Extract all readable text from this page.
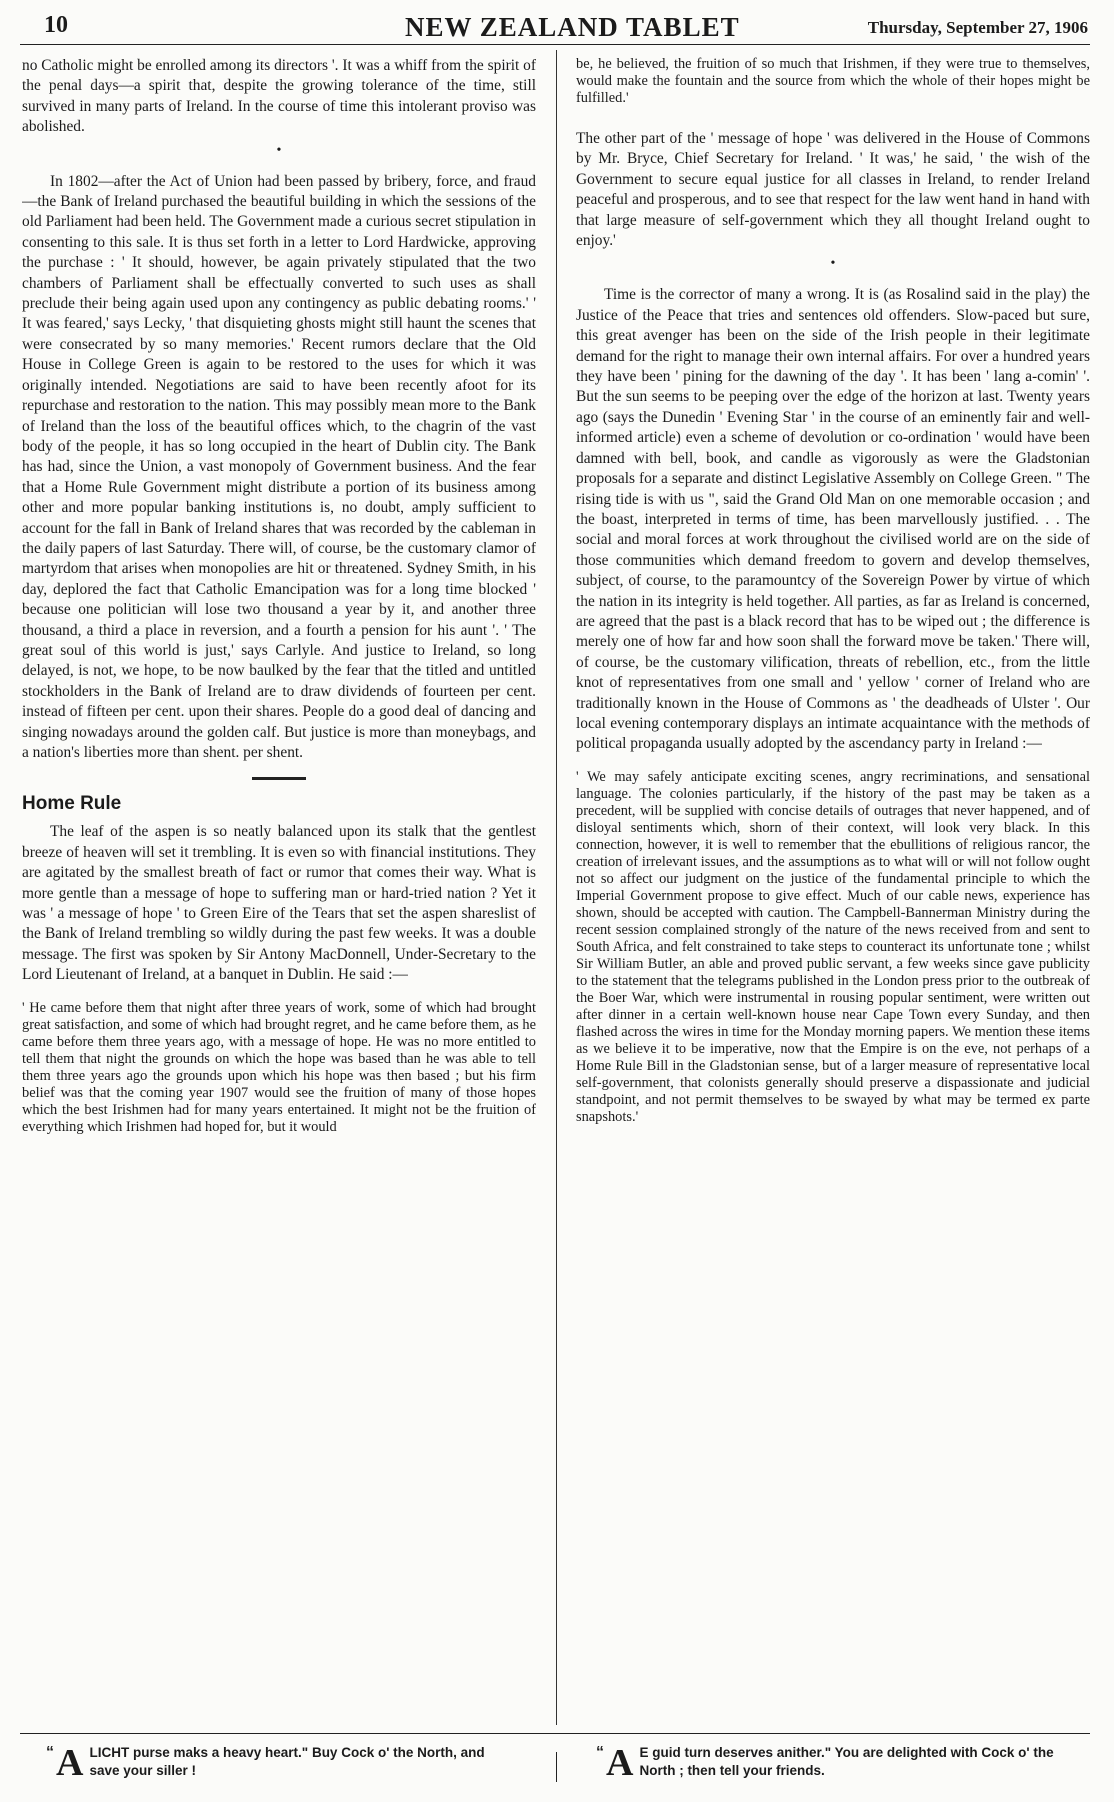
10	NEW ZEALAND TABLET	Thursday, September 27, 1906

no Catholic might be enrolled among its directors '. It was a whiff from the spirit of the penal days—a spirit that, despite the growing tolerance of the time, still survived in many parts of Ireland. In the course of time this intolerant proviso was abolished.

•

In 1802—after the Act of Union had been passed by bribery, force, and fraud—the Bank of Ireland purchased the beautiful building in which the sessions of the old Parliament had been held. The Government made a curious secret stipulation in consenting to this sale. It is thus set forth in a letter to Lord Hardwicke, approving the purchase : ' It should, however, be again privately stipulated that the two chambers of Parliament shall be effectually converted to such uses as shall preclude their being again used upon any contingency as public debating rooms.' ' It was feared,' says Lecky, ' that disquieting ghosts might still haunt the scenes that were consecrated by so many memories.' Recent rumors declare that the Old House in College Green is again to be restored to the uses for which it was originally intended. Negotiations are said to have been recently afoot for its repurchase and restoration to the nation. This may possibly mean more to the Bank of Ireland than the loss of the beautiful offices which, to the chagrin of the vast body of the people, it has so long occupied in the heart of Dublin city. The Bank has had, since the Union, a vast monopoly of Government business. And the fear that a Home Rule Government might distribute a portion of its business among other and more popular banking institutions is, no doubt, amply sufficient to account for the fall in Bank of Ireland shares that was recorded by the cableman in the daily papers of last Saturday. There will, of course, be the customary clamor of martyrdom that arises when monopolies are hit or threatened. Sydney Smith, in his day, deplored the fact that Catholic Emancipation was for a long time blocked ' because one politician will lose two thousand a year by it, and another three thousand, a third a place in reversion, and a fourth a pension for his aunt '. ' The great soul of this world is just,' says Carlyle. And justice to Ireland, so long delayed, is not, we hope, to be now baulked by the fear that the titled and untitled stockholders in the Bank of Ireland are to draw dividends of fourteen per cent. instead of fifteen per cent. upon their shares. People do a good deal of dancing and singing nowadays around the golden calf. But justice is more than moneybags, and a nation's liberties more than shent. per shent.

Home Rule

The leaf of the aspen is so neatly balanced upon its stalk that the gentlest breeze of heaven will set it trembling. It is even so with financial institutions. They are agitated by the smallest breath of fact or rumor that comes their way. What is more gentle than a message of hope to suffering man or hard-tried nation ? Yet it was ' a message of hope ' to Green Eire of the Tears that set the aspen shareslist of the Bank of Ireland trembling so wildly during the past few weeks. It was a double message. The first was spoken by Sir Antony MacDonnell, Under-Secretary to the Lord Lieutenant of Ireland, at a banquet in Dublin. He said :—

' He came before them that night after three years of work, some of which had brought great satisfaction, and some of which had brought regret, and he came before them, as he came before them three years ago, with a message of hope. He was no more entitled to tell them that night the grounds on which the hope was based than he was able to tell them three years ago the grounds upon which his hope was then based ; but his firm belief was that the coming year 1907 would see the fruition of many of those hopes which the best Irishmen had for many years entertained. It might not be the fruition of everything which Irishmen had hoped for, but it would

be, he believed, the fruition of so much that Irishmen, if they were true to themselves, would make the fountain and the source from which the whole of their hopes might be fulfilled.'

The other part of the ' message of hope ' was delivered in the House of Commons by Mr. Bryce, Chief Secretary for Ireland. ' It was,' he said, ' the wish of the Government to secure equal justice for all classes in Ireland, to render Ireland peaceful and prosperous, and to see that respect for the law went hand in hand with that large measure of self-government which they all thought Ireland ought to enjoy.'

•

Time is the corrector of many a wrong. It is (as Rosalind said in the play) the Justice of the Peace that tries and sentences old offenders. Slow-paced but sure, this great avenger has been on the side of the Irish people in their legitimate demand for the right to manage their own internal affairs. For over a hundred years they have been ' pining for the dawning of the day '. It has been ' lang a-comin' '. But the sun seems to be peeping over the edge of the horizon at last. Twenty years ago (says the Dunedin ' Evening Star ' in the course of an eminently fair and well-informed article) even a scheme of devolution or co-ordination ' would have been damned with bell, book, and candle as vigorously as were the Gladstonian proposals for a separate and distinct Legislative Assembly on College Green. " The rising tide is with us ", said the Grand Old Man on one memorable occasion ; and the boast, interpreted in terms of time, has been marvellously justified. . . The social and moral forces at work throughout the civilised world are on the side of those communities which demand freedom to govern and develop themselves, subject, of course, to the paramountcy of the Sovereign Power by virtue of which the nation in its integrity is held together. All parties, as far as Ireland is concerned, are agreed that the past is a black record that has to be wiped out ; the difference is merely one of how far and how soon shall the forward move be taken.' There will, of course, be the customary vilification, threats of rebellion, etc., from the little knot of representatives from one small and ' yellow ' corner of Ireland who are traditionally known in the House of Commons as ' the deadheads of Ulster '. Our local evening contemporary displays an intimate acquaintance with the methods of political propaganda usually adopted by the ascendancy party in Ireland :—

' We may safely anticipate exciting scenes, angry recriminations, and sensational language. The colonies particularly, if the history of the past may be taken as a precedent, will be supplied with concise details of outrages that never happened, and of disloyal sentiments which, shorn of their context, will look very black. In this connection, however, it is well to remember that the ebullitions of religious rancor, the creation of irrelevant issues, and the assumptions as to what will or will not follow ought not so affect our judgment on the justice of the fundamental principle to which the Imperial Government propose to give effect. Much of our cable news, experience has shown, should be accepted with caution. The Campbell-Bannerman Ministry during the recent session complained strongly of the nature of the news received from and sent to South Africa, and felt constrained to take steps to counteract its unfortunate tone ; whilst Sir William Butler, an able and proved public servant, a few weeks since gave publicity to the statement that the telegrams published in the London press prior to the outbreak of the Boer War, which were instrumental in rousing popular sentiment, were written out after dinner in a certain well-known house near Cape Town every Sunday, and then flashed across the wires in time for the Monday morning papers. We mention these items as we believe it to be imperative, now that the Empire is on the eve, not perhaps of a Home Rule Bill in the Gladstonian sense, but of a larger measure of representative local self-government, that colonists generally should preserve a dispassionate and judicial standpoint, and not permit themselves to be swayed by what may be termed ex parte snapshots.'

“ A LICHT purse maks a heavy heart." Buy Cock o' the North, and save your siller !
“ A E guid turn deserves anither." You are delighted with Cock o' the North ; then tell your friends.
